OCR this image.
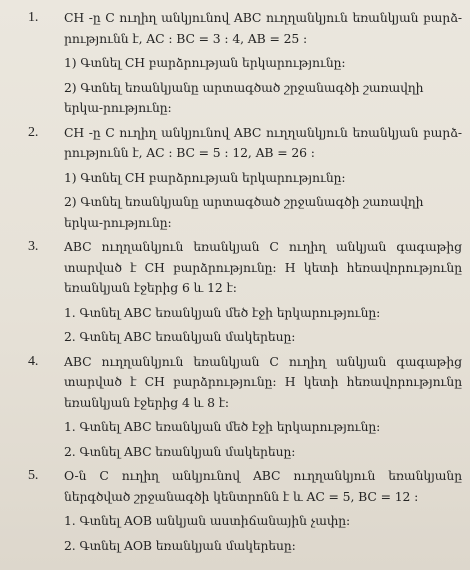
1. CH -ը C ուղիղ անկյունով ABC ուղղանկյուն եռանկյան բարձ-րությունն է, AC : BC = 3 : 4, AB = 25 :
1) Գտնել CH բարձրության երկարությունը:
2) Գտնել եռանկյանը արտագծած շրջանագծի շառավղի երկա-րությունը:
2. CH -ը C ուղիղ անկյունով ABC ուղղանկյուն եռանկյան բարձ-րությունն է, AC : BC = 5 : 12, AB = 26 :
1) Գտնել CH բարձրության երկարությունը:
2) Գտնել եռանկյանը արտագծած շրջանագծի շառավղի երկա-րությունը:
3. ABC ուղղանկյուն եռանկյան C ուղիղ անկյան գագաթից տարված է CH բարձրությունը: H կետի հեռավորությունը եռանկյան էջերից 6 և 12 է:
1. Գտնել ABC եռանկյան մեծ էջի երկարությունը:
2. Գտնել ABC եռանկյան մակերեսը:
4. ABC ուղղանկյուն եռանկյան C ուղիղ անկյան գագաթից տարված է CH բարձրությունը: H կետի հեռավորությունը եռանկյան էջերից 4 և 8 է:
1. Գտնել ABC եռանկյան մեծ էջի երկարությունը:
2. Գտնել ABC եռանկյան մակերեսը:
5. O-ն C ուղիղ անկյունով ABC ուղղանկյուն եռանկյանը ներգծված շրջանագծի կենտրոնն է և AC = 5, BC = 12 :
1. Գտնել AOB անկյան աստիճանային չափը:
2. Գտնել AOB եռանկյան մակերեսը:
